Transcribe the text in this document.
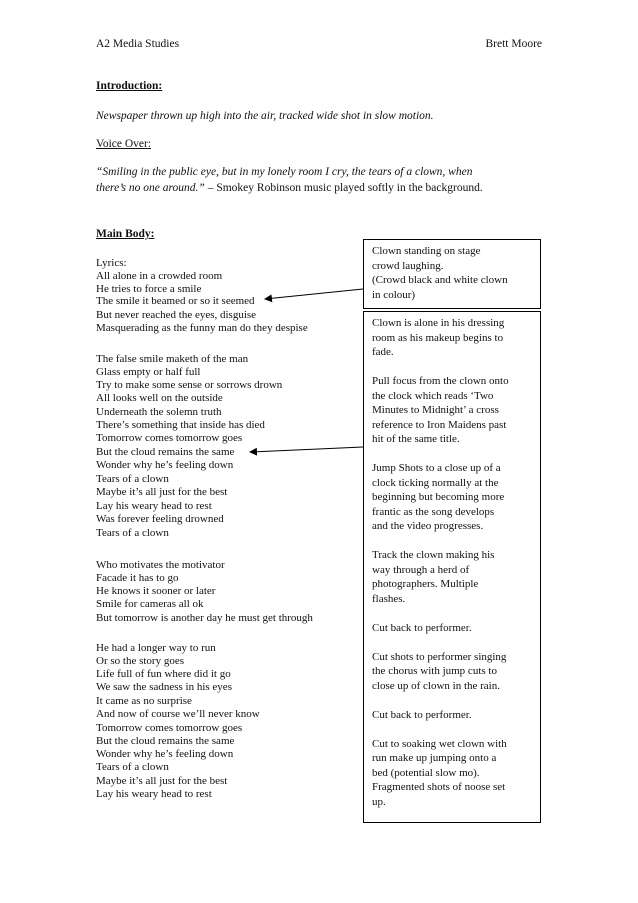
A2 Media Studies	Brett Moore
Introduction:
Newspaper thrown up high into the air, tracked wide shot in slow motion.
Voice Over:
“Smiling in the public eye, but in my lonely room I cry, the tears of a clown, when
there’s no one around.” – Smokey Robinson music played softly in the background.
Main Body:
Lyrics:
All alone in a crowded room
He tries to force a smile
The smile it beamed or so it seemed
But never reached the eyes, disguise
Masquerading as the funny man do they despise
The false smile maketh of the man
Glass empty or half full
Try to make some sense or sorrows drown
All looks well on the outside
Underneath the solemn truth
There’s something that inside has died
Tomorrow comes tomorrow goes
But the cloud remains the same
Wonder why he’s feeling down
Tears of a clown
Maybe it’s all just for the best
Lay his weary head to rest
Was forever feeling drowned
Tears of a clown
Who motivates the motivator
Facade it has to go
He knows it sooner or later
Smile for cameras all ok
But tomorrow is another day he must get through
He had a longer way to run
Or so the story goes
Life full of fun where did it go
We saw the sadness in his eyes
It came as no surprise
And now of course we’ll never know
Tomorrow comes tomorrow goes
But the cloud remains the same
Wonder why he’s feeling down
Tears of a clown
Maybe it’s all just for the best
Lay his weary head to rest

Clown standing on stage

crowd laughing.

(Crowd black and white clown

in colour)

Clown is alone in his dressing

room as his makeup begins to

fade.

Pull focus from the clown onto

the clock which reads ‘Two

Minutes to Midnight’ a cross

reference to Iron Maidens past

hit of the same title.

Jump Shots to a close up of a

clock ticking normally at the

beginning but becoming more

frantic as the song develops

and the video progresses.

Track the clown making his

way through a herd of

photographers. Multiple

flashes.

Cut back to performer.

Cut shots to performer singing

the chorus with jump cuts to

close up of clown in the rain.

Cut back to performer.

Cut to soaking wet clown with

run make up jumping onto a

bed (potential slow mo).

Fragmented shots of noose set

up.
